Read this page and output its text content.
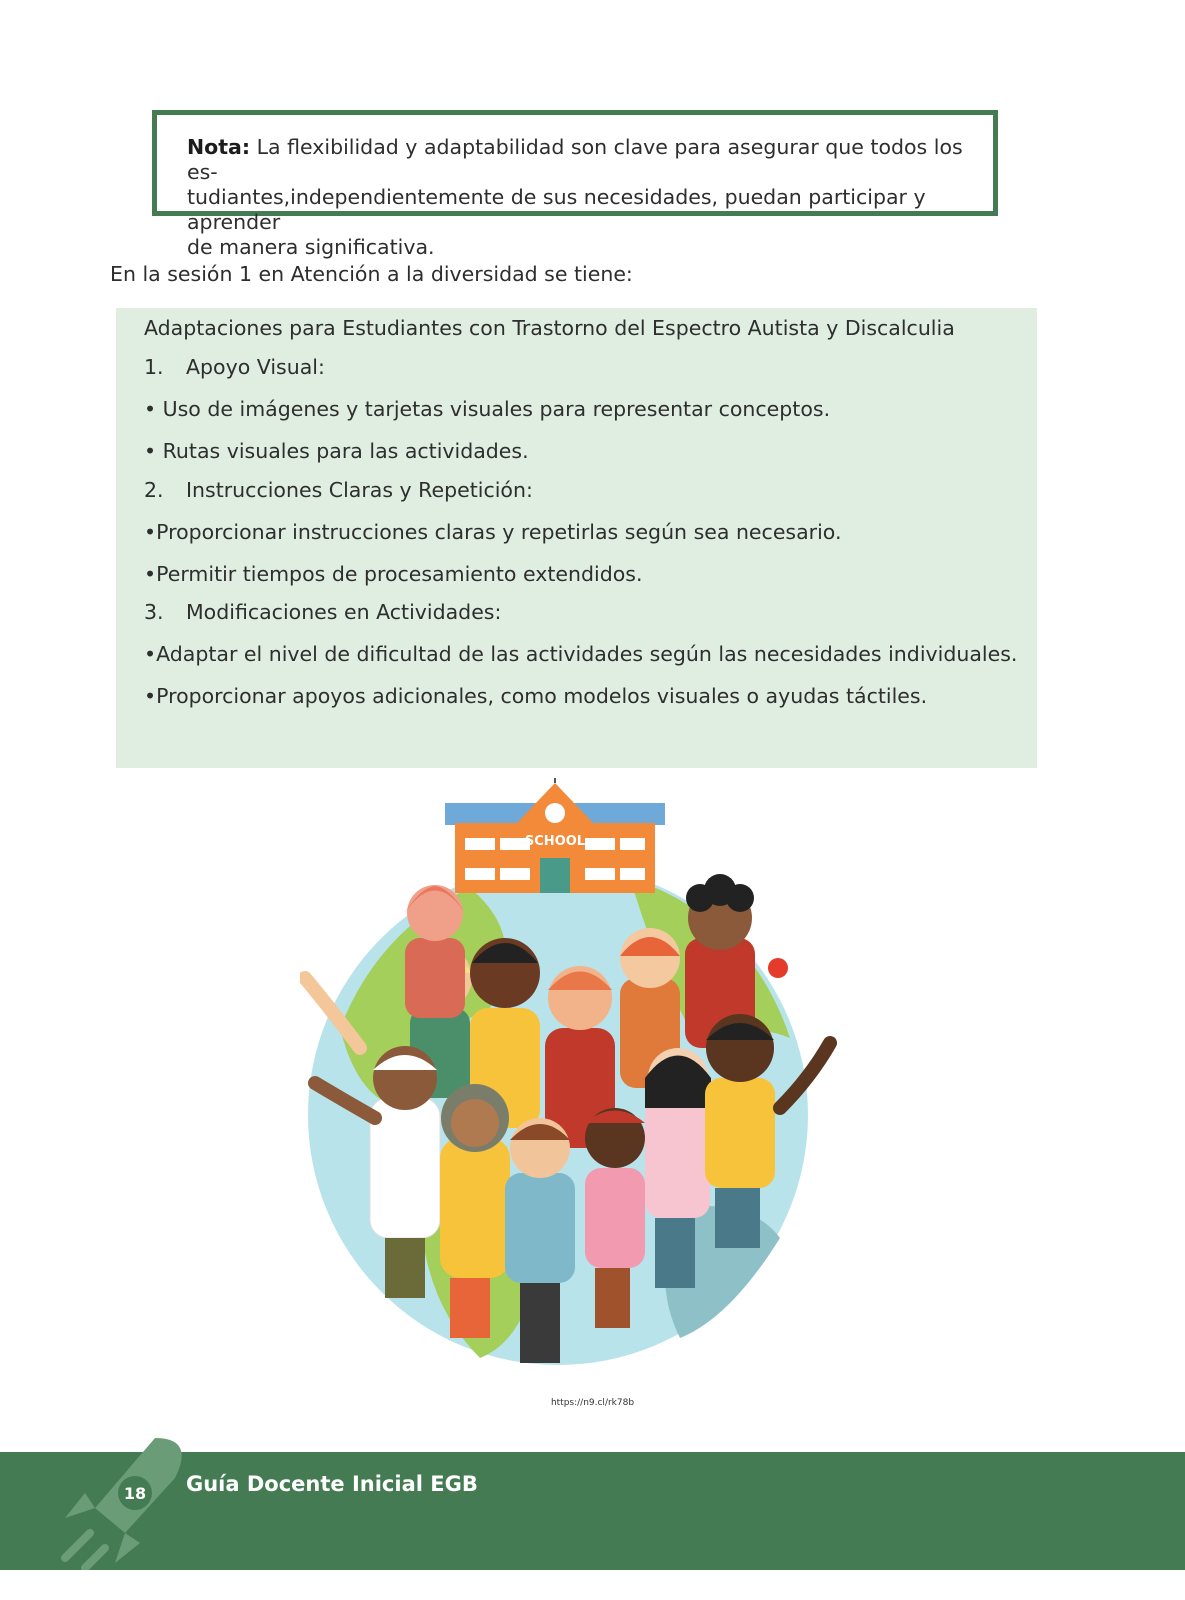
Nota: La flexibilidad y adaptabilidad son clave para asegurar que todos los es-
tudiantes,independientemente de sus necesidades, puedan participar y aprender
de manera significativa.
En la sesión 1 en Atención a la diversidad se tiene:
Adaptaciones para Estudiantes con Trastorno del Espectro Autista y Discalculia
1. Apoyo Visual:
• Uso de imágenes y tarjetas visuales para representar conceptos.
• Rutas visuales para las actividades.
2. Instrucciones Claras y Repetición:
•Proporcionar instrucciones claras y repetirlas según sea necesario.
•Permitir tiempos de procesamiento extendidos.
3. Modificaciones en Actividades:
•Adaptar el nivel de dificultad de las actividades según las necesidades individuales.
•Proporcionar apoyos adicionales, como modelos visuales o ayudas táctiles.
SCHOOL
https://n9.cl/rk78b
18 Guía Docente Inicial EGB
